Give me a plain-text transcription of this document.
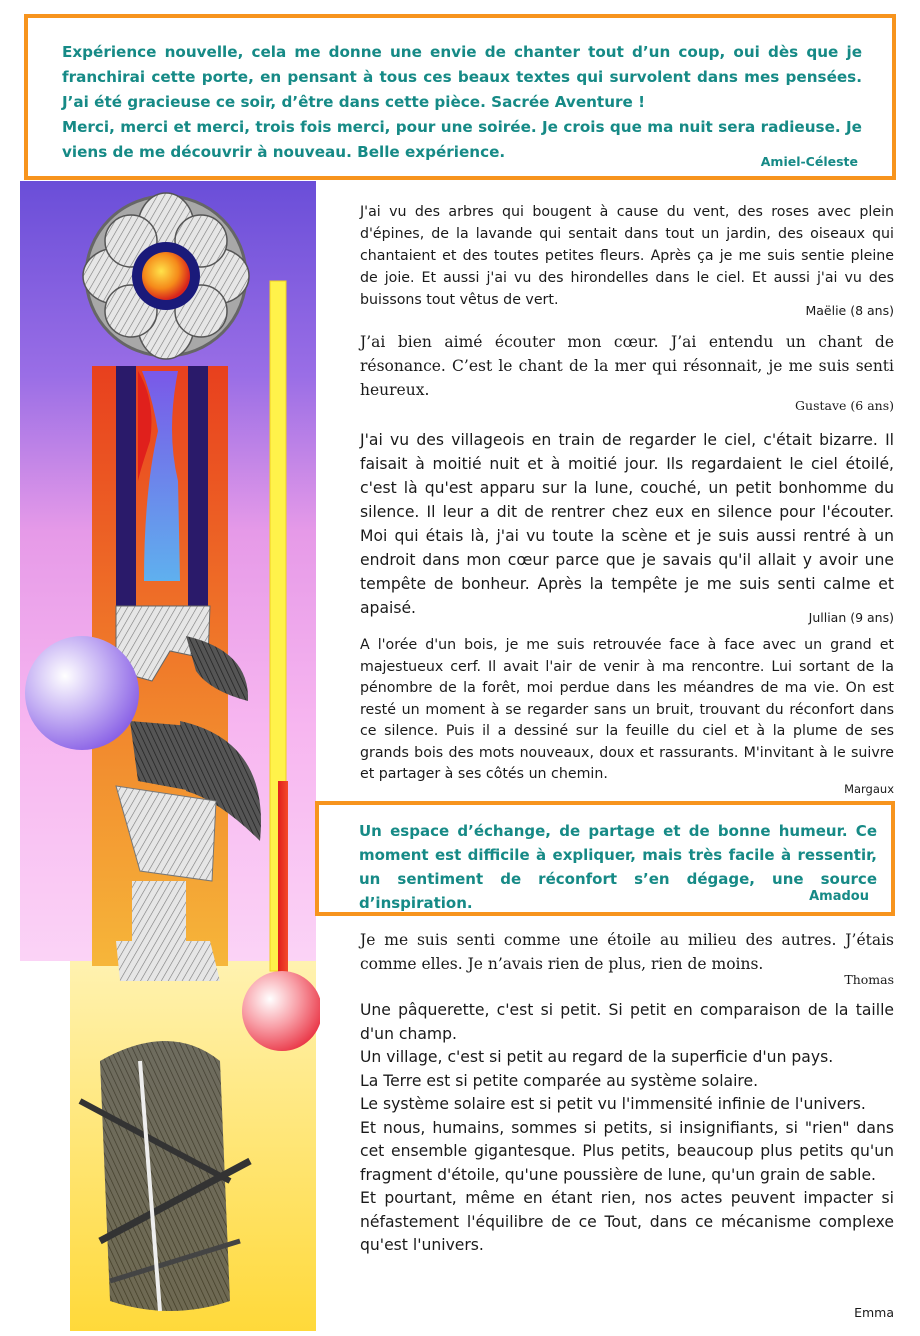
Expérience nouvelle, cela me donne une envie de chanter tout d’un coup, oui dès que je franchirai cette porte, en pensant à tous ces beaux textes qui survolent dans mes pensées. J’ai été gracieuse ce soir, d’être dans cette pièce. Sacrée Aventure !
Merci, merci et merci, trois fois merci, pour une soirée. Je crois que ma nuit sera radieuse. Je viens de me découvrir à nouveau. Belle expérience.

Amiel-Céleste

J'ai vu des arbres qui bougent à cause du vent, des roses avec plein d'épines, de la lavande qui sentait dans tout un jardin, des oiseaux qui chantaient et des toutes petites fleurs. Après ça je me suis sentie pleine de joie. Et aussi j'ai vu des hirondelles dans le ciel. Et aussi j'ai vu des buissons tout vêtus de vert.

Maëlie (8 ans)

J’ai bien aimé écouter mon cœur. J’ai entendu un chant de résonance. C’est le chant de la mer qui résonnait, je me suis senti heureux.

Gustave (6 ans)

J'ai vu des villageois en train de regarder le ciel, c'était bizarre. Il faisait à moitié nuit et à moitié jour. Ils regardaient le ciel étoilé, c'est là qu'est apparu sur la lune, couché, un petit bonhomme du silence. Il leur a dit de rentrer chez eux en silence pour l'écouter. Moi qui étais là, j'ai vu toute la scène et je suis aussi rentré à un endroit dans mon cœur parce que je savais qu'il allait y avoir une tempête de bonheur. Après la tempête je me suis senti calme et apaisé.

Jullian (9 ans)

A l'orée d'un bois, je me suis retrouvée face à face avec un grand et majestueux cerf. Il avait l'air de venir à ma rencontre. Lui sortant de la pénombre de la forêt, moi perdue dans les méandres de ma vie. On est resté un moment à se regarder sans un bruit, trouvant du réconfort dans ce silence. Puis il a dessiné sur la feuille du ciel et à la plume de ses grands bois des mots nouveaux, doux et rassurants. M'invitant à le suivre et partager à ses côtés un chemin.

Margaux

Un espace d’échange, de partage et de bonne humeur. Ce moment est difficile à expliquer, mais très facile à ressentir, un sentiment de réconfort s’en dégage, une source d’inspiration.	Amadou

Je me suis senti comme une étoile au milieu des autres. J’étais comme elles. Je n’avais rien de plus, rien de moins.

Thomas

Une pâquerette, c'est si petit. Si petit en comparaison de la taille d'un champ.
Un village, c'est si petit au regard de la superficie d'un pays.
La Terre est si petite comparée au système solaire.
Le système solaire est si petit vu l'immensité infinie de l'univers.
Et nous, humains, sommes si petits, si insignifiants, si "rien" dans cet ensemble gigantesque. Plus petits, beaucoup plus petits qu'un fragment d'étoile, qu'une poussière de lune, qu'un grain de sable.
Et pourtant, même en étant rien, nos actes peuvent impacter si néfastement l'équilibre de ce Tout, dans ce mécanisme complexe qu'est l'univers.

Emma
